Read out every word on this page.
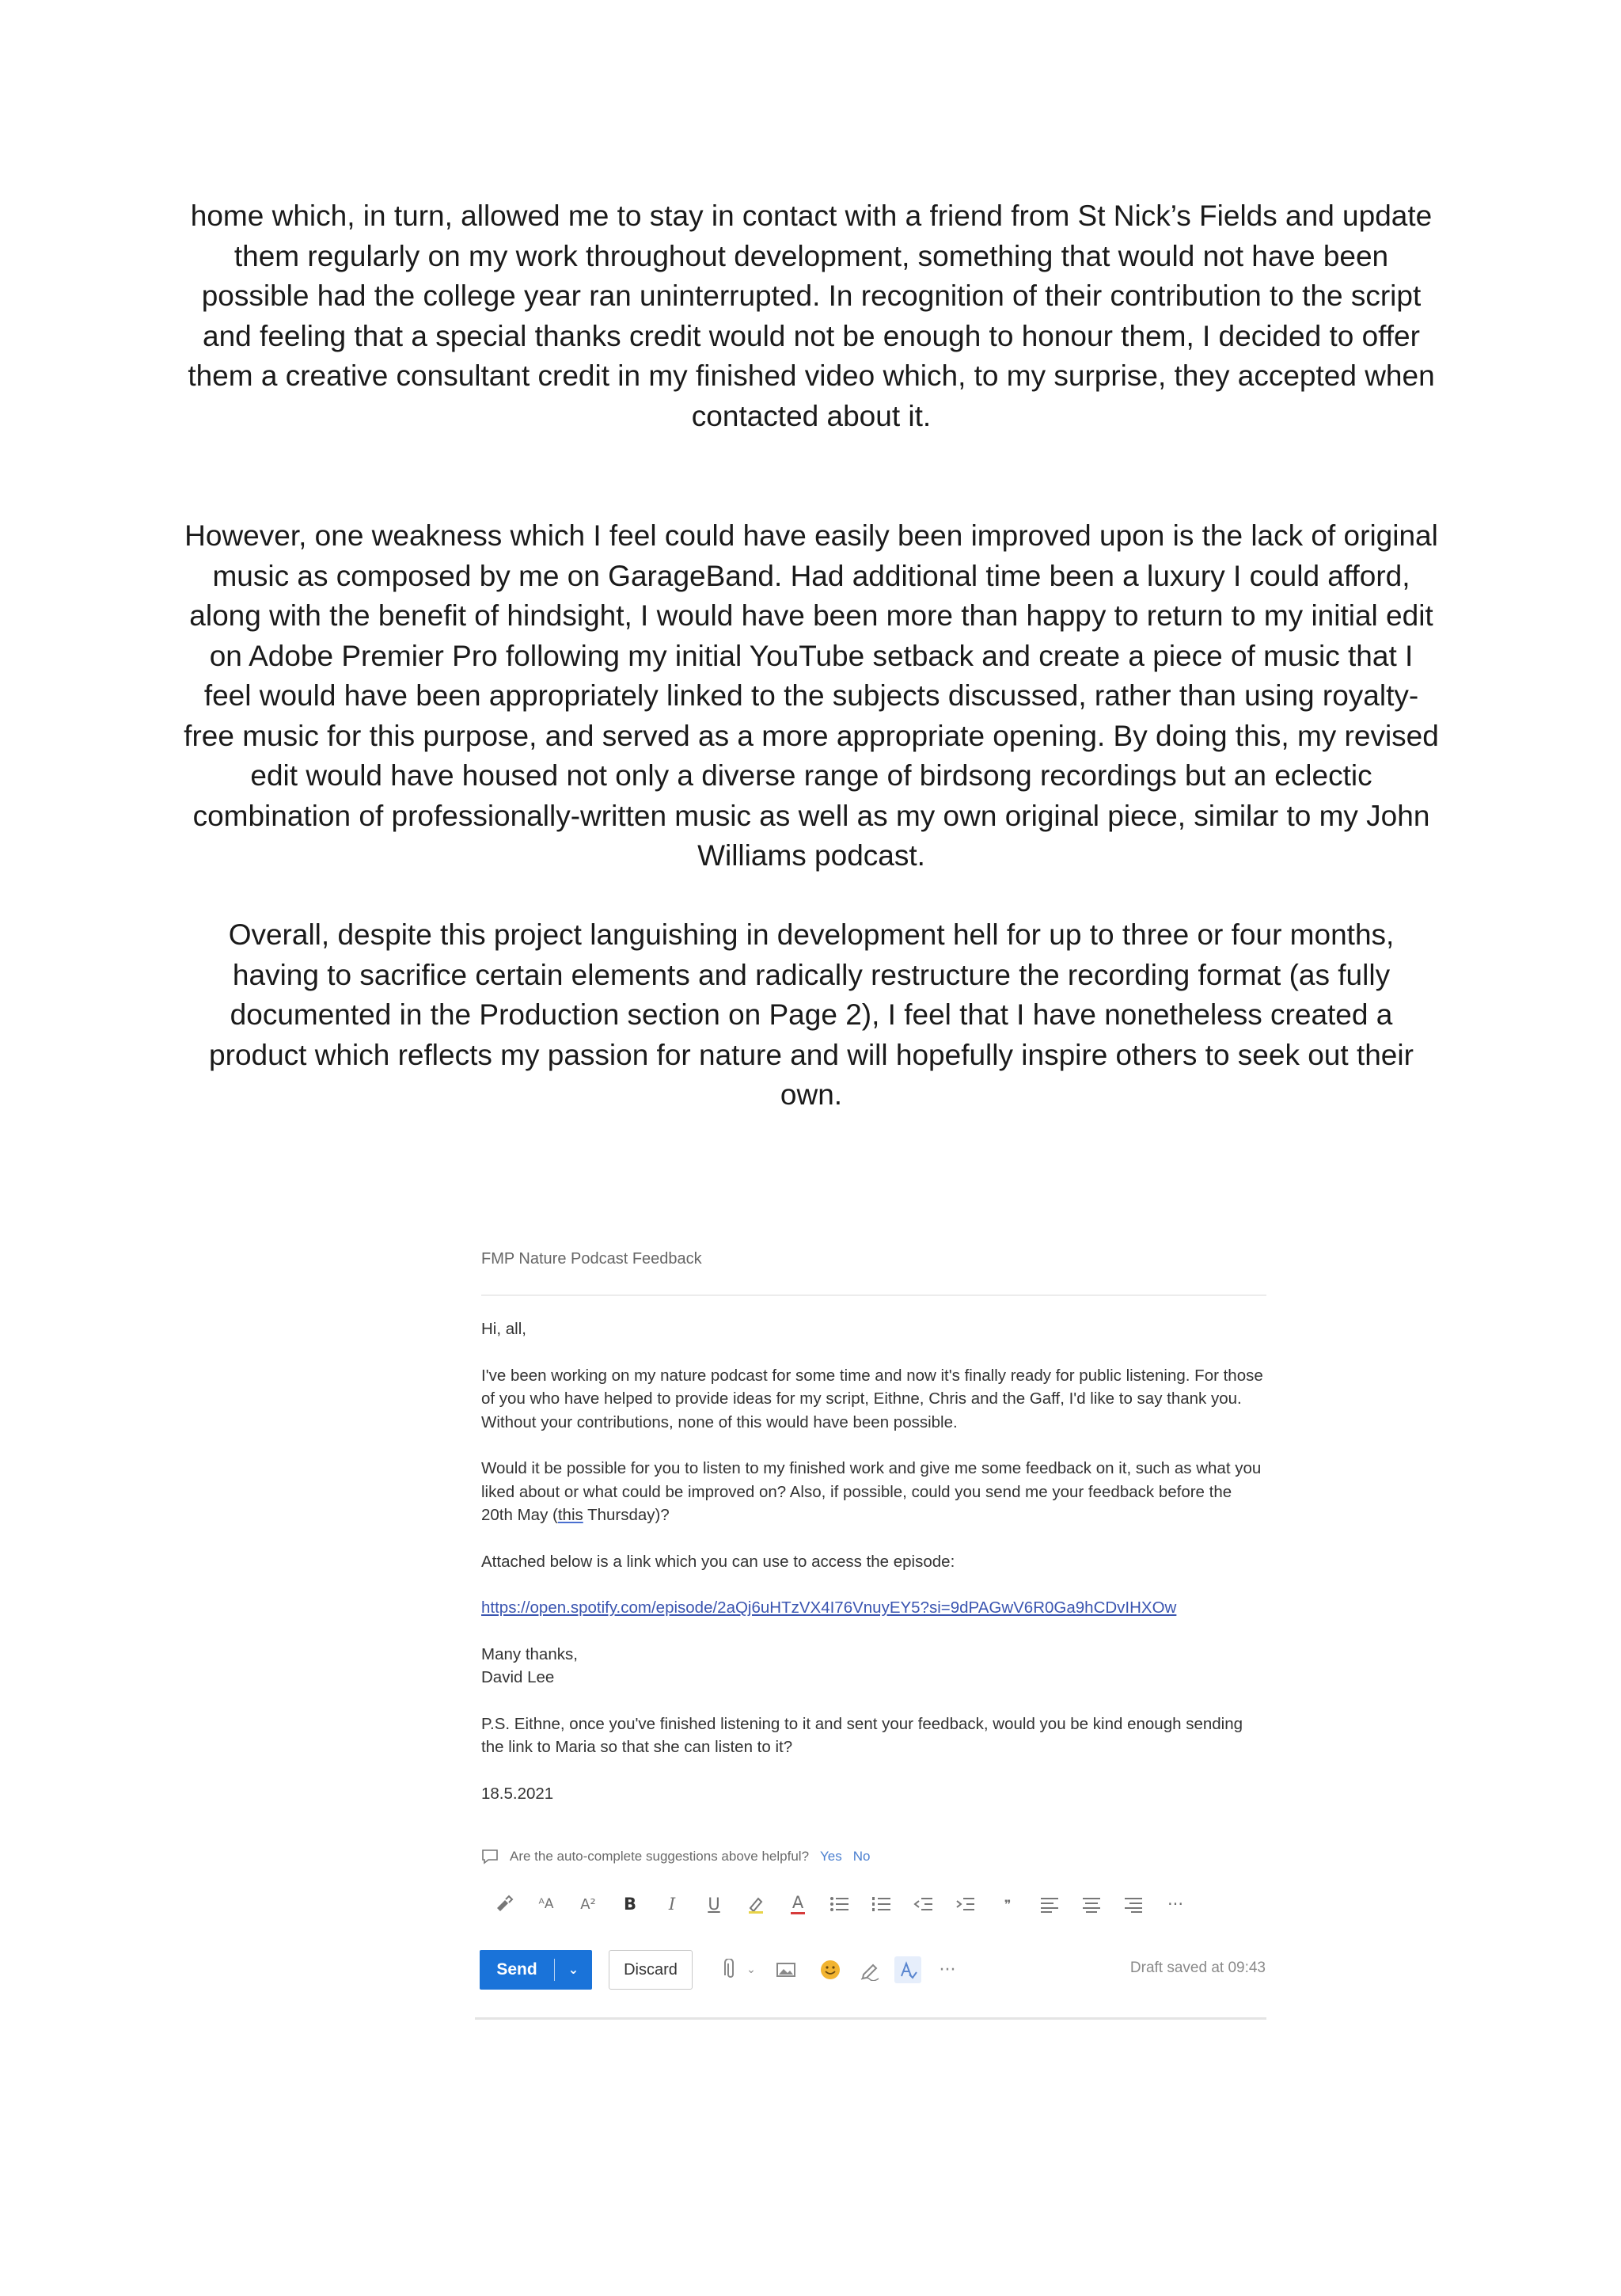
home which, in turn, allowed me to stay in contact with a friend from St Nick’s Fields and update them regularly on my work throughout development, something that would not have been possible had the college year ran uninterrupted. In recognition of their contribution to the script and feeling that a special thanks credit would not be enough to honour them, I decided to offer them a creative consultant credit in my finished video which, to my surprise, they accepted when contacted about it.

However, one weakness which I feel could have easily been improved upon is the lack of original music as composed by me on GarageBand. Had additional time been a luxury I could afford, along with the benefit of hindsight, I would have been more than happy to return to my initial edit on Adobe Premier Pro following my initial YouTube setback and create a piece of music that I feel would have been appropriately linked to the subjects discussed, rather than using royalty-free music for this purpose, and served as a more appropriate opening. By doing this, my revised edit would have housed not only a diverse range of birdsong recordings but an eclectic combination of professionally-written music as well as my own original piece, similar to my John Williams podcast.

Overall, despite this project languishing in development hell for up to three or four months, having to sacrifice certain elements and radically restructure the recording format (as fully documented in the Production section on Page 2), I feel that I have nonetheless created a product which reflects my passion for nature and will hopefully inspire others to seek out their own.

FMP Nature Podcast Feedback

Hi, all,

I've been working on my nature podcast for some time and now it's finally ready for public listening. For those of you who have helped to provide ideas for my script, Eithne, Chris and the Gaff, I'd like to say thank you. Without your contributions, none of this would have been possible.

Would it be possible for you to listen to my finished work and give me some feedback on it, such as what you liked about or what could be improved on? Also, if possible, could you send me your feedback before the 20th May (this Thursday)?

Attached below is a link which you can use to access the episode:

https://open.spotify.com/episode/2aQj6uHTzVX4I76VnuyEY5?si=9dPAGwV6R0Ga9hCDvIHXOw

Many thanks,
David Lee

P.S. Eithne, once you've finished listening to it and sent your feedback, would you be kind enough sending the link to Maria so that she can listen to it?

18.5.2021

Are the auto-complete suggestions above helpful? Yes No
ᴬA	A²	B	I	U	A	❞	···
Send	⌄	Discard	⌄	···	Draft saved at 09:43
